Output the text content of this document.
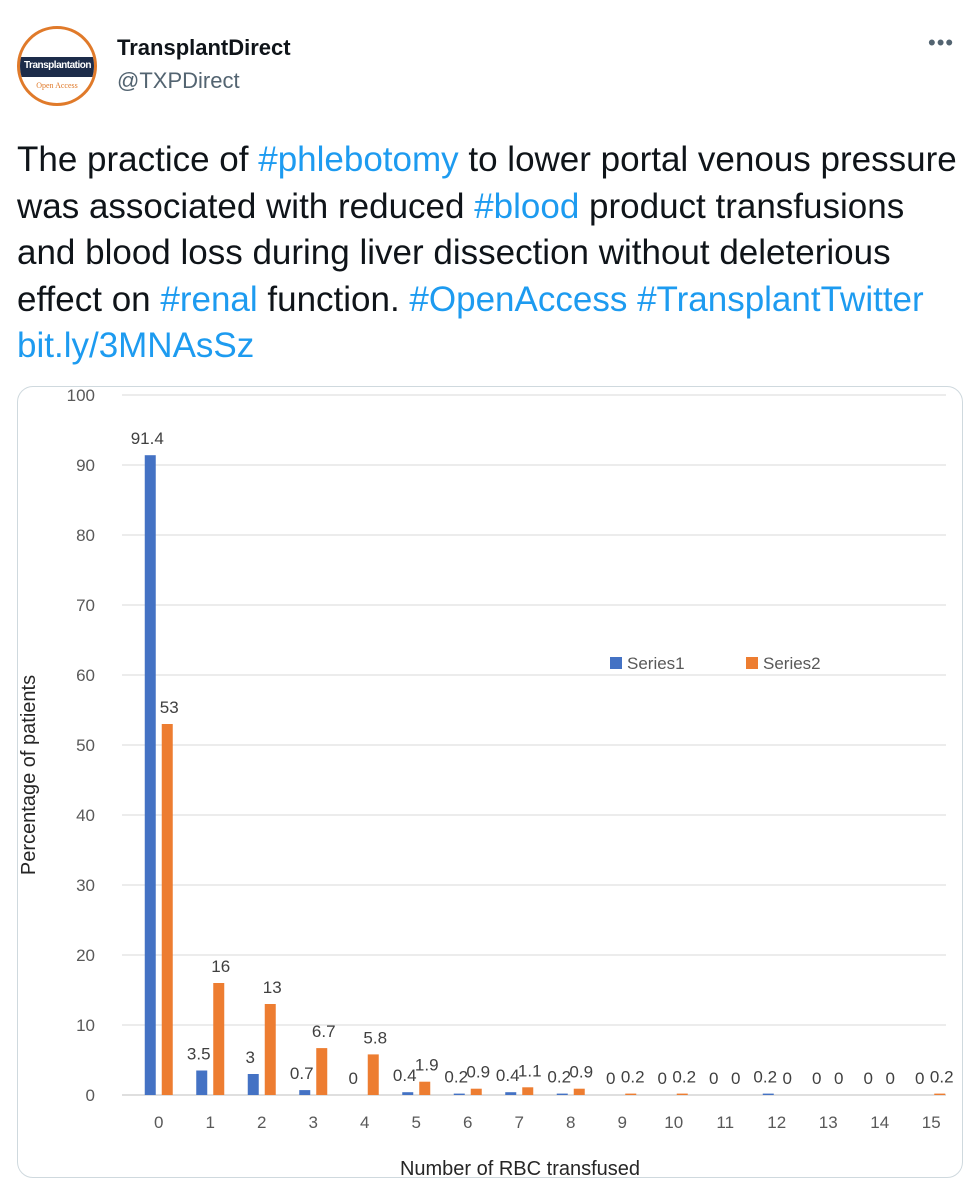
Transplantation
Open Access
TransplantDirect
@TXPDirect
•••
The practice of #phlebotomy to lower portal venous pressure was associated with reduced #blood product transfusions and blood loss during liver dissection without deleterious effect on #renal function. #OpenAccess #TransplantTwitter bit.ly/3MNAsSz
0
10
20
30
40
50
60
70
80
90
100
91.4
53
0
3.5
16
1
3
13
2
0.7
6.7
3
0
5.8
4
0.4
1.9
5
0.2
0.9
6
0.4
1.1
7
0.2
0.9
8
0 0.2
9
0 0.2
10
0 0
11
0.2 0
12
0 0
13
0 0
14
0 0.2
15
Percentage of patients
Number of RBC transfused
Series1	Series2
